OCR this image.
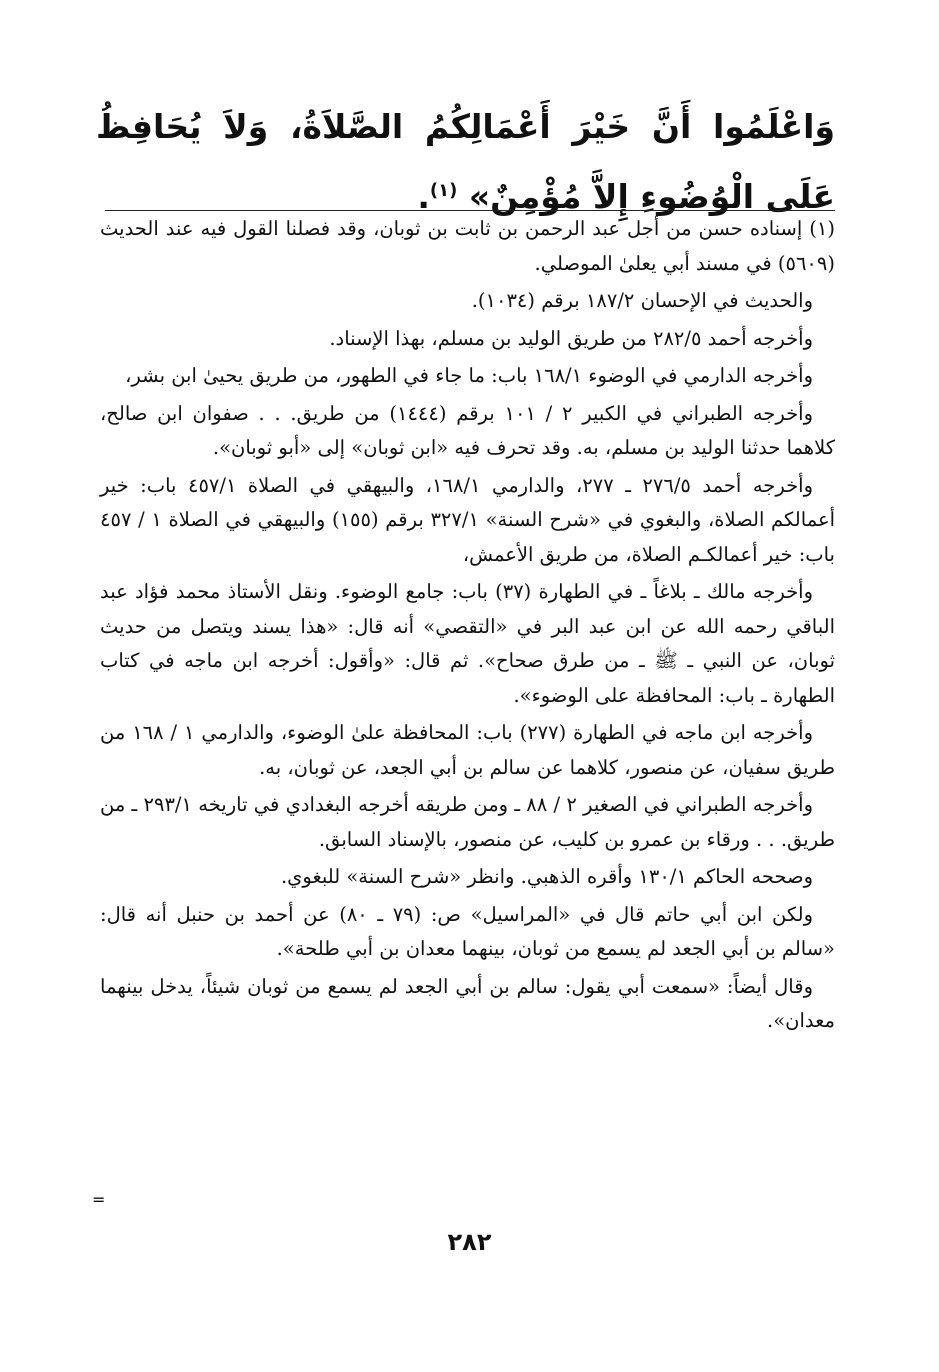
وَاعْلَمُوا أَنَّ خَيْرَ أَعْمَالِكُمُ الصَّلاَةُ، وَلاَ يُحَافِظُ عَلَى الْوُضُوءِ إِلاَّ مُؤْمِنٌ» $^{(١)}$.

(١) إسناده حسن من أجل عبد الرحمن بن ثابت بن ثوبان، وقد فصلنا القول فيه عند الحديث (٥٦٠٩) في مسند أبي يعلىٰ الموصلي.

والحديث في الإحسان ١٨٧/٢ برقم (١٠٣٤).

وأخرجه أحمد ٢٨٢/٥ من طريق الوليد بن مسلم، بهذا الإسناد.

وأخرجه الدارمي في الوضوء ١٦٨/١ باب: ما جاء في الطهور، من طريق يحيىٰ ابن بشر،

وأخرجه الطبراني في الكبير ٢ / ١٠١ برقم (١٤٤٤) من طريق. . . صفوان ابن صالح، كلاهما حدثنا الوليد بن مسلم، به. وقد تحرف فيه «ابن ثوبان» إلى «أبو ثوبان».

وأخرجه أحمد ٢٧٦/٥ ـ ٢٧٧، والدارمي ١٦٨/١، والبيهقي في الصلاة ٤٥٧/١ باب: خير أعمالكم الصلاة، والبغوي في «شرح السنة» ٣٢٧/١ برقم (١٥٥) والبيهقي في الصلاة ١ / ٤٥٧ باب: خير أعمالكـم الصلاة، من طريق الأعمش،

وأخرجه مالك ـ بلاغاً ـ في الطهارة (٣٧) باب: جامع الوضوء. ونقل الأستاذ محمد فؤاد عبد الباقي رحمه الله عن ابن عبد البر في «التقصي» أنه قال: «هذا يسند ويتصل من حديث ثوبان، عن النبي ـ ﷺ ـ من طرق صحاح». ثم قال: «وأقول: أخرجه ابن ماجه في كتاب الطهارة ـ باب: المحافظة على الوضوء».

وأخرجه ابن ماجه في الطهارة (٢٧٧) باب: المحافظة علىٰ الوضوء، والدارمي ١ / ١٦٨ من طريق سفيان، عن منصور، كلاهما عن سالم بن أبي الجعد، عن ثوبان، به.

وأخرجه الطبراني في الصغير ٢ / ٨٨ ـ ومن طريقه أخرجه البغدادي في تاريخه ٢٩٣/١ ـ من طريق. . . ورقاء بن عمرو بن كليب، عن منصور، بالإسناد السابق.

وصححه الحاكم ١٣٠/١ وأقره الذهبي. وانظر «شرح السنة» للبغوي.

ولكن ابن أبي حاتم قال في «المراسيل» ص: (٧٩ ـ ٨٠) عن أحمد بن حنبل أنه قال: «سالم بن أبي الجعد لم يسمع من ثوبان، بينهما معدان بن أبي طلحة».

وقال أيضاً: «سمعت أبي يقول: سالم بن أبي الجعد لم يسمع من ثوبان شيئاً، يدخل بينهما معدان».

=
٢٨٢
